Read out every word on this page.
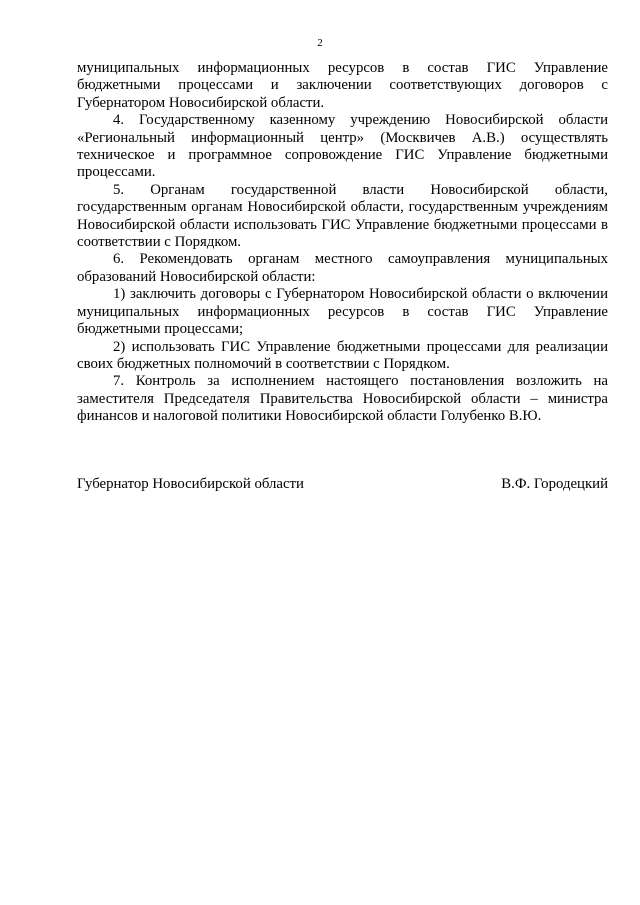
2

муниципальных информационных ресурсов в состав ГИС Управление бюджетными процессами и заключении соответствующих договоров с Губернатором Новосибирской области.

4. Государственному казенному учреждению Новосибирской области «Региональный информационный центр» (Москвичев А.В.) осуществлять техническое и программное сопровождение ГИС Управление бюджетными процессами.

5. Органам государственной власти Новосибирской области, государственным органам Новосибирской области, государственным учреждениям Новосибирской области использовать ГИС Управление бюджетными процессами в соответствии с Порядком.

6. Рекомендовать органам местного самоуправления муниципальных образований Новосибирской области:

1) заключить договоры с Губернатором Новосибирской области о включении муниципальных информационных ресурсов в состав ГИС Управление бюджетными процессами;

2) использовать ГИС Управление бюджетными процессами для реализации своих бюджетных полномочий в соответствии с Порядком.

7. Контроль за исполнением настоящего постановления возложить на заместителя Председателя Правительства Новосибирской области – министра финансов и налоговой политики Новосибирской области Голубенко В.Ю.

Губернатор Новосибирской области	В.Ф. Городецкий
